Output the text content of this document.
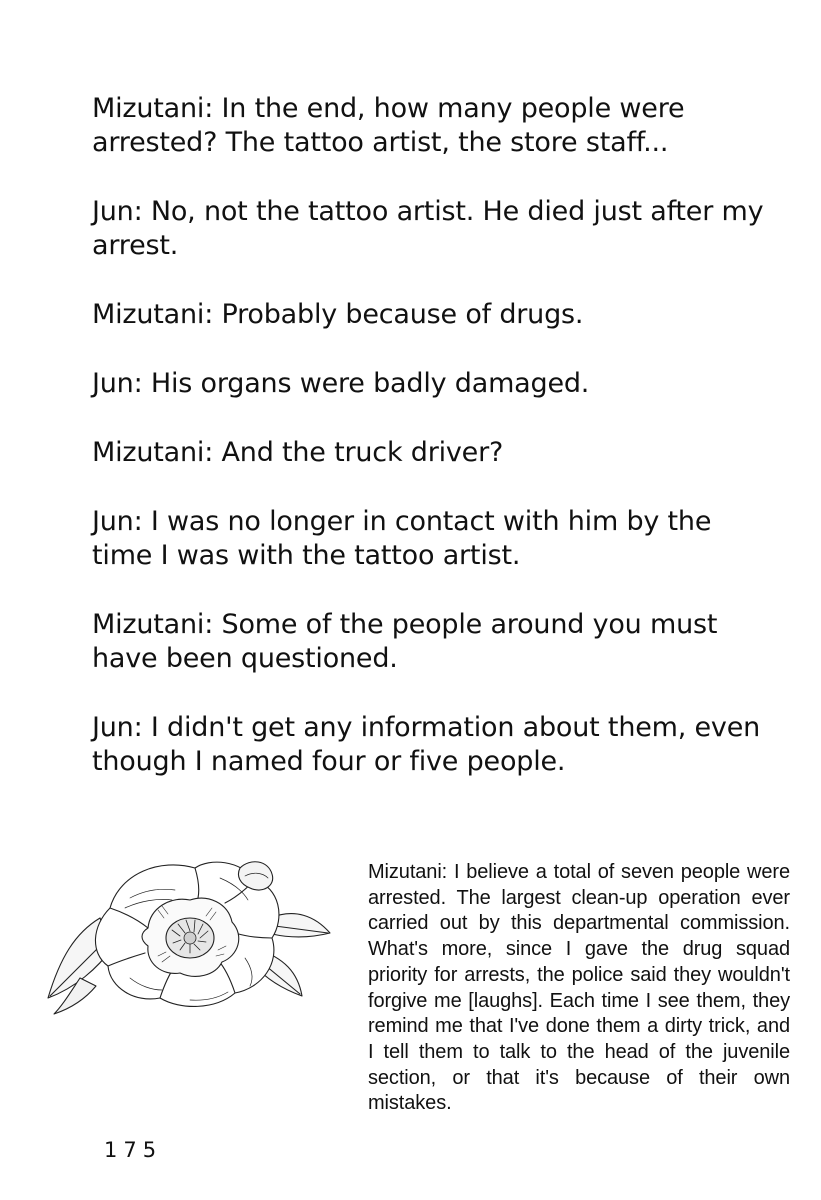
Mizutani: In the end, how many people were arrested? The tattoo artist, the store staff...

Jun: No, not the tattoo artist. He died just after my arrest.

Mizutani: Probably because of drugs.

Jun: His organs were badly damaged.

Mizutani: And the truck driver?

Jun: I was no longer in contact with him by the time I was with the tattoo artist.

Mizutani: Some of the people around you must have been questioned.

Jun: I didn't get any information about them, even though I named four or five people.

Mizutani: I believe a total of seven people were arrested. The largest clean-up operation ever carried out by this departmental commission. What's more, since I gave the drug squad priority for arrests, the police said they wouldn't forgive me [laughs]. Each time I see them, they remind me that I've done them a dirty trick, and I tell them to talk to the head of the juvenile section, or that it's because of their own mistakes.

175
